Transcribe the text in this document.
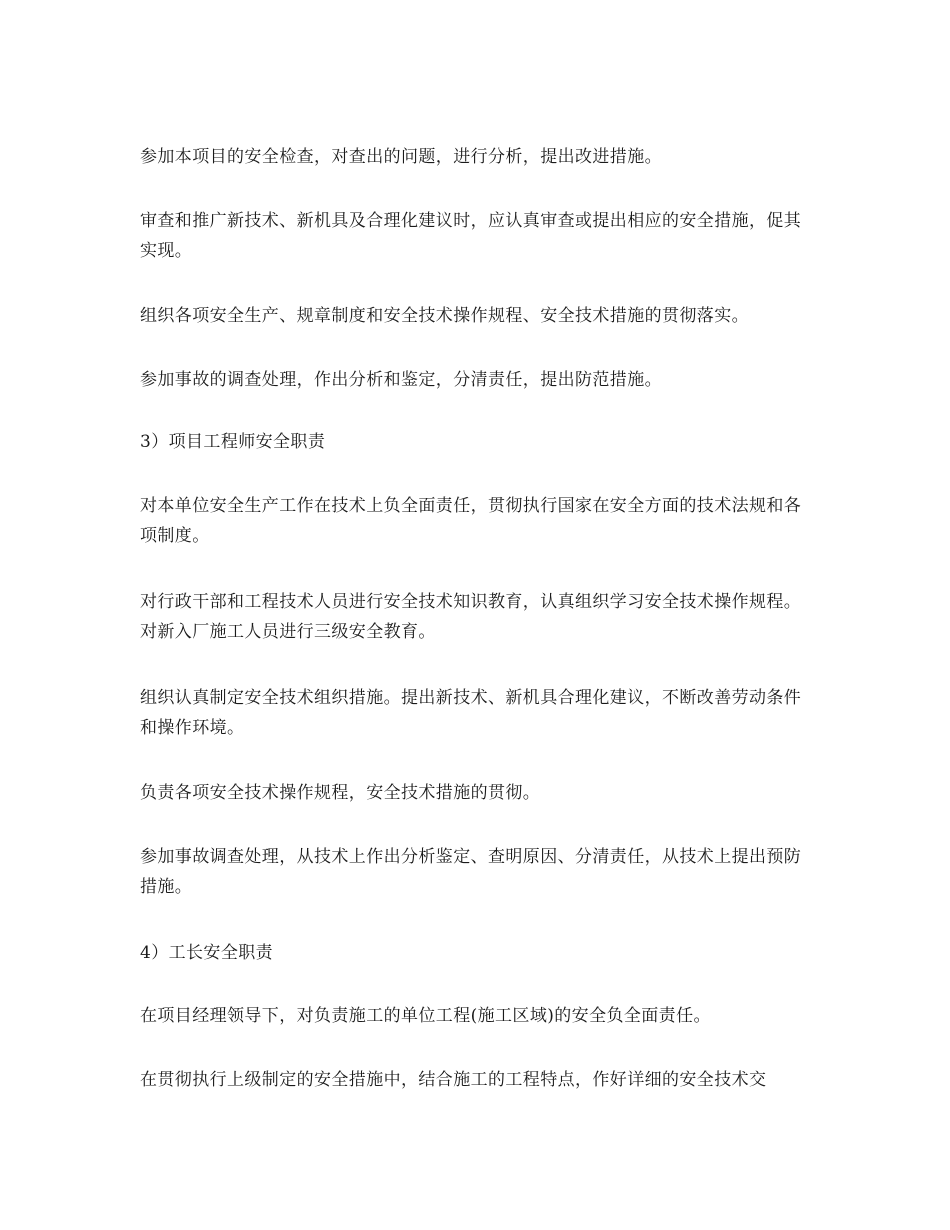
参加本项目的安全检查，对查出的问题，进行分析，提出改进措施。

审查和推广新技术、新机具及合理化建议时，应认真审查或提出相应的安全措施，促其实现。

组织各项安全生产、规章制度和安全技术操作规程、安全技术措施的贯彻落实。

参加事故的调查处理，作出分析和鉴定，分清责任，提出防范措施。

3）项目工程师安全职责

对本单位安全生产工作在技术上负全面责任，贯彻执行国家在安全方面的技术法规和各项制度。

对行政干部和工程技术人员进行安全技术知识教育，认真组织学习安全技术操作规程。对新入厂施工人员进行三级安全教育。

组织认真制定安全技术组织措施。提出新技术、新机具合理化建议，不断改善劳动条件和操作环境。

负责各项安全技术操作规程，安全技术措施的贯彻。

参加事故调查处理，从技术上作出分析鉴定、查明原因、分清责任，从技术上提出预防措施。

4）工长安全职责

在项目经理领导下，对负责施工的单位工程(施工区域)的安全负全面责任。

在贯彻执行上级制定的安全措施中，结合施工的工程特点，作好详细的安全技术交
